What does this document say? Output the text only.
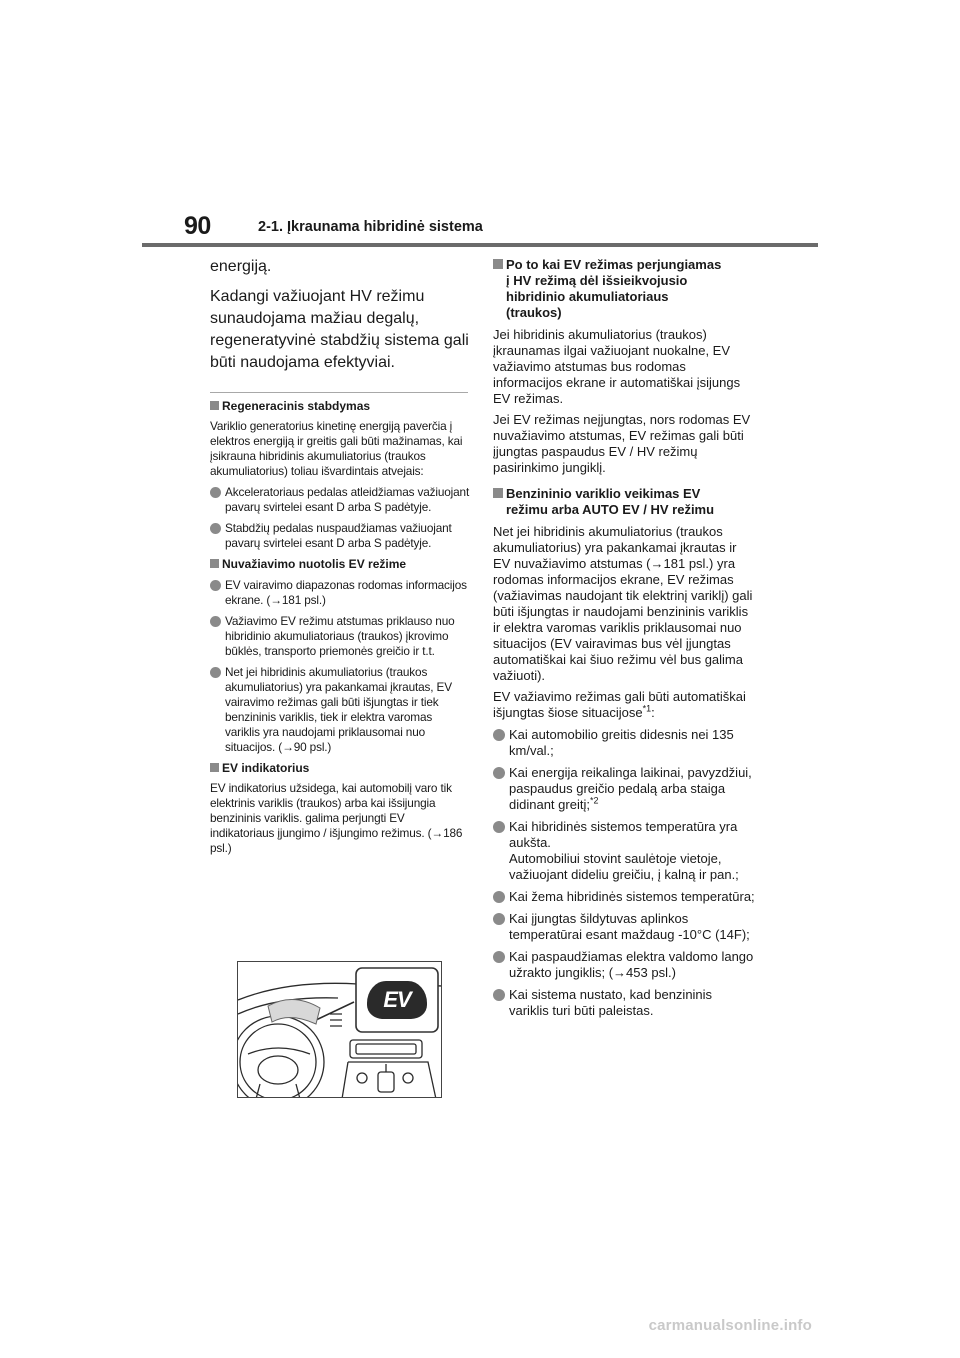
90	2-1. Įkraunama hibridinė sistema

energiją.

Kadangi važiuojant HV režimu sunaudojama mažiau degalų, regeneratyvinė stabdžių sistema gali būti naudojama efektyviai.

Regeneracinis stabdymas
Variklio generatorius kinetinę energiją paverčia į elektros energiją ir greitis gali būti mažinamas, kai įsikrauna hibridinis akumuliatorius (traukos akumuliatorius) toliau išvardintais atvejais:
Akceleratoriaus pedalas atleidžiamas važiuojant pavarų svirtelei esant D arba S padėtyje.
Stabdžių pedalas nuspaudžiamas važiuojant pavarų svirtelei esant D arba S padėtyje.
Nuvažiavimo nuotolis EV režime
EV vairavimo diapazonas rodomas informacijos ekrane. (→181 psl.)
Važiavimo EV režimu atstumas priklauso nuo hibridinio akumuliatoriaus (traukos) įkrovimo būklės, transporto priemonės greičio ir t.t.
Net jei hibridinis akumuliatorius (traukos akumuliatorius) yra pakankamai įkrautas, EV vairavimo režimas gali būti išjungtas ir tiek benzininis variklis, tiek ir elektra varomas variklis yra naudojami priklausomai nuo situacijos. (→90 psl.)
EV indikatorius
EV indikatorius užsidega, kai automobilį varo tik elektrinis variklis (traukos) arba kai išsijungia benzininis variklis. galima perjungti EV indikatoriaus įjungimo / išjungimo režimus. (→186 psl.)
EV
Po to kai EV režimas perjungiamas
į HV režimą dėl išsieikvojusio
hibridinio akumuliatoriaus
(traukos)
Jei hibridinis akumuliatorius (traukos) įkraunamas ilgai važiuojant nuokalne, EV važiavimo atstumas bus rodomas informacijos ekrane ir automatiškai įsijungs EV režimas.
Jei EV režimas neįjungtas, nors rodomas EV nuvažiavimo atstumas, EV režimas gali būti įjungtas paspaudus EV / HV režimų pasirinkimo jungiklį.
Benzininio variklio veikimas EV
režimu arba AUTO EV / HV režimu
Net jei hibridinis akumuliatorius (traukos akumuliatorius) yra pakankamai įkrautas ir EV nuvažiavimo atstumas (→181 psl.) yra rodomas informacijos ekrane, EV režimas (važiavimas naudojant tik elektrinį variklį) gali būti išjungtas ir naudojami benzininis variklis ir elektra varomas variklis priklausomai nuo situacijos (EV vairavimas bus vėl įjungtas automatiškai kai šiuo režimu vėl bus galima važiuoti).
EV važiavimo režimas gali būti automatiškai išjungtas šiose situacijose$^{*1}$:
Kai automobilio greitis didesnis nei 135 km/val.;
Kai energija reikalinga laikinai, pavyzdžiui, paspaudus greičio pedalą arba staiga didinant greitį;$^{*2}$
Kai hibridinės sistemos temperatūra yra aukšta.
Automobiliui stovint saulėtoje vietoje, važiuojant dideliu greičiu, į kalną ir pan.;
Kai žema hibridinės sistemos temperatūra;
Kai įjungtas šildytuvas aplinkos temperatūrai esant maždaug -10°C (14F);
Kai paspaudžiamas elektra valdomo lango užrakto jungiklis; (→453 psl.)
Kai sistema nustato, kad benzininis variklis turi būti paleistas.
carmanualsonline.info
